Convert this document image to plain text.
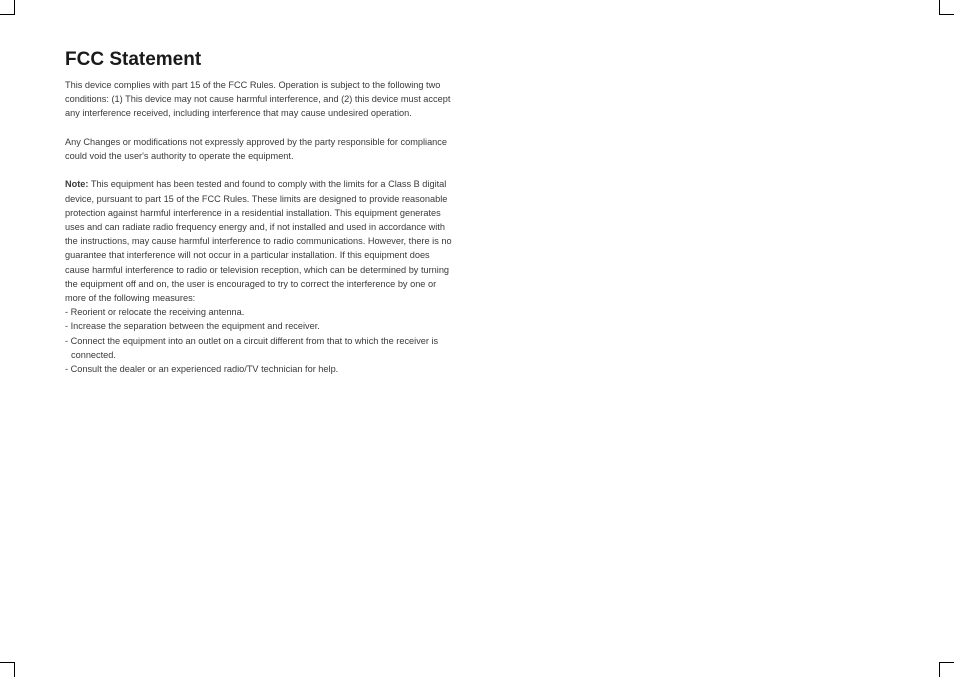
FCC Statement

This device complies with part 15 of the FCC Rules. Operation is subject to the following two conditions: (1) This device may not cause harmful interference, and (2) this device must accept any interference received, including interference that may cause undesired operation.

Any Changes or modifications not expressly approved by the party responsible for compliance could void the user's authority to operate the equipment.

Note: This equipment has been tested and found to comply with the limits for a Class B digital device, pursuant to part 15 of the FCC Rules. These limits are designed to provide reasonable protection against harmful interference in a residential installation. This equipment generates uses and can radiate radio frequency energy and, if not installed and used in accordance with the instructions, may cause harmful interference to radio communications. However, there is no guarantee that interference will not occur in a particular installation. If this equipment does cause harmful interference to radio or television reception, which can be determined by turning the equipment off and on, the user is encouraged to try to correct the interference by one or more of the following measures:

- Reorient or relocate the receiving antenna.
- Increase the separation between the equipment and receiver.
- Connect the equipment into an outlet on a circuit different from that to which the receiver is connected.
- Consult the dealer or an experienced radio/TV technician for help.
